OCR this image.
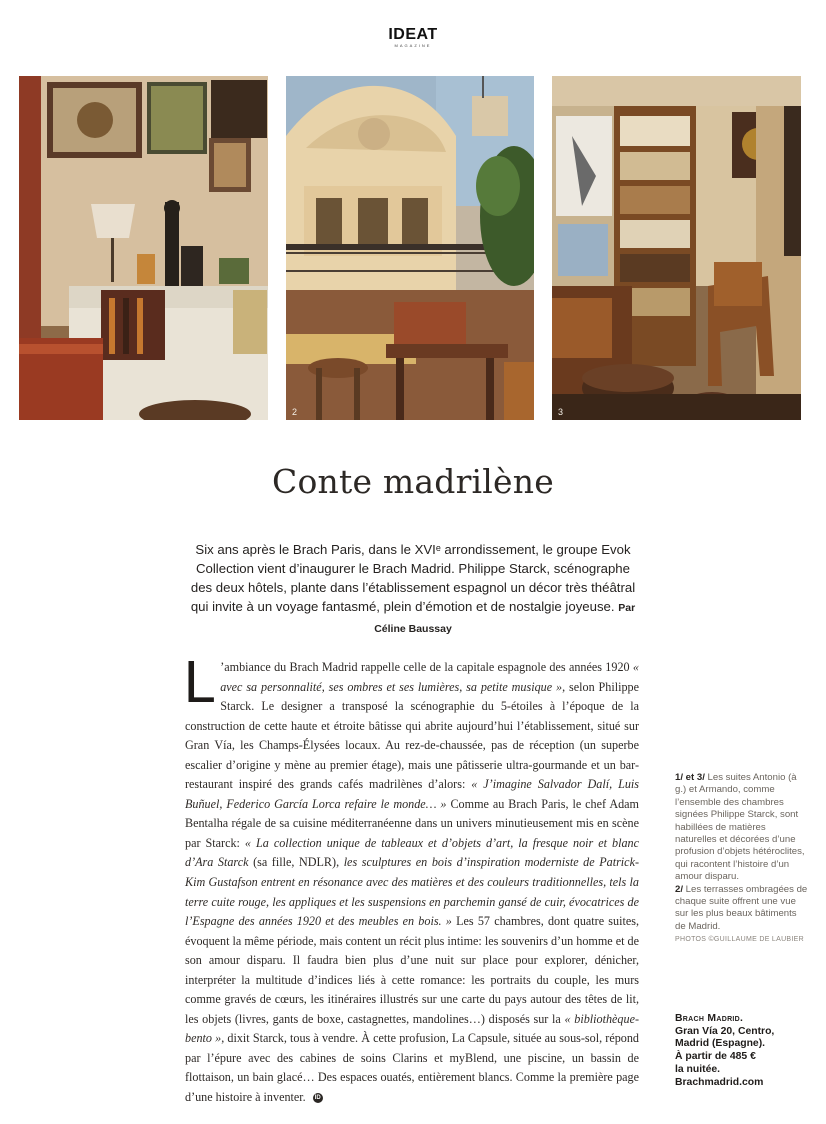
IDEAT
MAGAZINE
2	3
Conte madrilène
Six ans après le Brach Paris, dans le XVIᵉ arrondissement, le groupe Evok Collection vient d’inaugurer le Brach Madrid. Philippe Starck, scénographe des deux hôtels, plante dans l’établissement espagnol un décor très théâtral qui invite à un voyage fantasmé, plein d’émotion et de nostalgie joyeuse. Par Céline Baussay
L ’ambiance du Brach Madrid rappelle celle de la capitale espagnole des années 1920 « avec sa personnalité, ses ombres et ses lumières, sa petite musique », selon Philippe Starck. Le designer a transposé la scénographie du 5-étoiles à l’époque de la construction de cette haute et étroite bâtisse qui abrite aujourd’hui l’établissement, situé sur Gran Vía, les Champs-Élysées locaux. Au rez-de-chaussée, pas de réception (un superbe escalier d’origine y mène au premier étage), mais une pâtisserie ultra-gourmande et un bar-restaurant inspiré des grands cafés madrilènes d’alors: « J’imagine Salvador Dalí, Luis Buñuel, Federico García Lorca refaire le monde… » Comme au Brach Paris, le chef Adam Bentalha régale de sa cuisine méditerranéenne dans un univers minutieusement mis en scène par Starck: « La collection unique de tableaux et d’objets d’art, la fresque noir et blanc d’Ara Starck (sa fille, NDLR), les sculptures en bois d’inspiration moderniste de Patrick-Kim Gustafson entrent en résonance avec des matières et des couleurs traditionnelles, tels la terre cuite rouge, les appliques et les suspensions en parchemin gansé de cuir, évocatrices de l’Espagne des années 1920 et des meubles en bois. » Les 57 chambres, dont quatre suites, évoquent la même période, mais content un récit plus intime: les souvenirs d’un homme et de son amour disparu. Il faudra bien plus d’une nuit sur place pour explorer, dénicher, interpréter la multitude d’indices liés à cette romance: les portraits du couple, les murs comme gravés de cœurs, les itinéraires illustrés sur une carte du pays autour des têtes de lit, les objets (livres, gants de boxe, castagnettes, mandolines…) disposés sur la « bibliothèque-bento », dixit Starck, tous à vendre. À cette profusion, La Capsule, située au sous-sol, répond par l’épure avec des cabines de soins Clarins et myBlend, une piscine, un bassin de flottaison, un bain glacé… Des espaces ouatés, entièrement blancs. Comme la première page d’une histoire à inventer. ID
1/ et 3/ Les suites Antonio (à g.) et Armando, comme l’ensemble des chambres signées Philippe Starck, sont habillées de matières naturelles et décorées d’une profusion d’objets hétéroclites, qui racontent l’histoire d’un amour disparu.
2/ Les terrasses ombragées de chaque suite offrent une vue sur les plus beaux bâtiments de Madrid.
PHOTOS ©GUILLAUME DE LAUBIER
Brach Madrid.
Gran Vía 20, Centro,
Madrid (Espagne).
À partir de 485 €
la nuitée.
Brachmadrid.com
